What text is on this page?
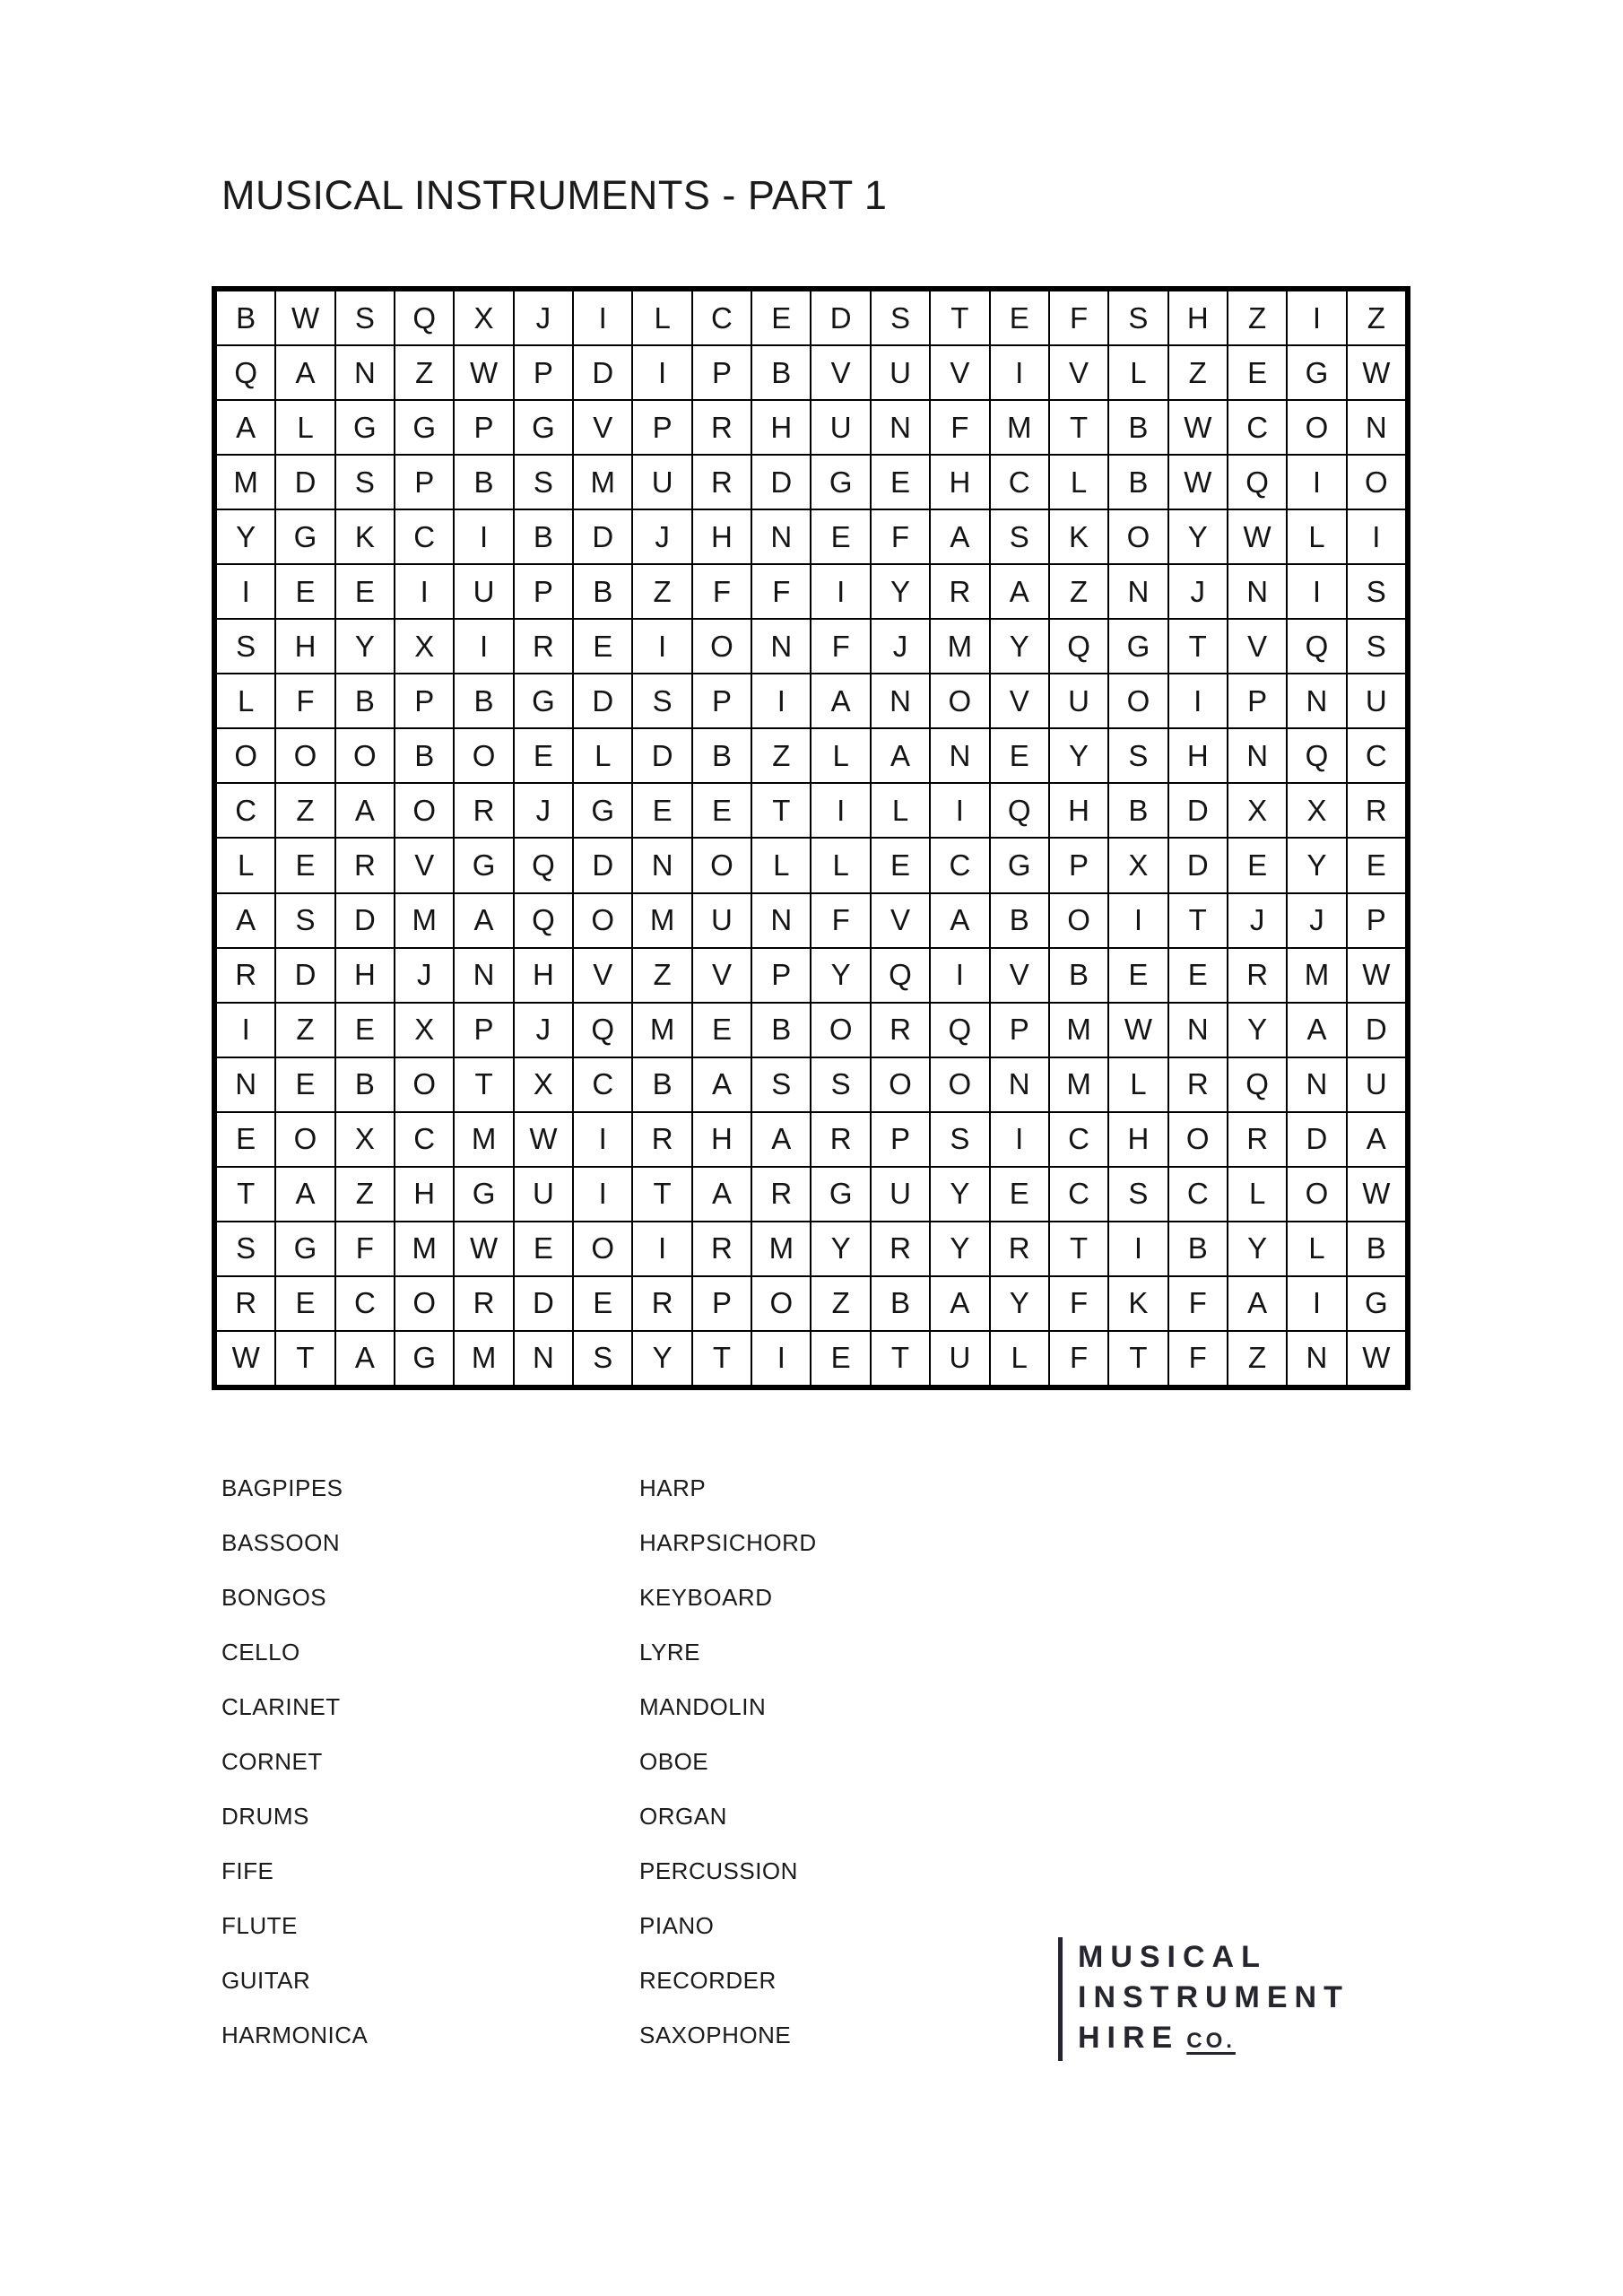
MUSICAL INSTRUMENTS - PART 1
B	W	S	Q	X	J	I	L	C	E	D	S	T	E	F	S	H	Z	I	Z
Q	A	N	Z	W	P	D	I	P	B	V	U	V	I	V	L	Z	E	G	W
A	L	G	G	P	G	V	P	R	H	U	N	F	M	T	B	W	C	O	N
M	D	S	P	B	S	M	U	R	D	G	E	H	C	L	B	W	Q	I	O
Y	G	K	C	I	B	D	J	H	N	E	F	A	S	K	O	Y	W	L	I
I	E	E	I	U	P	B	Z	F	F	I	Y	R	A	Z	N	J	N	I	S
S	H	Y	X	I	R	E	I	O	N	F	J	M	Y	Q	G	T	V	Q	S
L	F	B	P	B	G	D	S	P	I	A	N	O	V	U	O	I	P	N	U
O	O	O	B	O	E	L	D	B	Z	L	A	N	E	Y	S	H	N	Q	C
C	Z	A	O	R	J	G	E	E	T	I	L	I	Q	H	B	D	X	X	R
L	E	R	V	G	Q	D	N	O	L	L	E	C	G	P	X	D	E	Y	E
A	S	D	M	A	Q	O	M	U	N	F	V	A	B	O	I	T	J	J	P
R	D	H	J	N	H	V	Z	V	P	Y	Q	I	V	B	E	E	R	M	W
I	Z	E	X	P	J	Q	M	E	B	O	R	Q	P	M	W	N	Y	A	D
N	E	B	O	T	X	C	B	A	S	S	O	O	N	M	L	R	Q	N	U
E	O	X	C	M	W	I	R	H	A	R	P	S	I	C	H	O	R	D	A
T	A	Z	H	G	U	I	T	A	R	G	U	Y	E	C	S	C	L	O	W
S	G	F	M	W	E	O	I	R	M	Y	R	Y	R	T	I	B	Y	L	B
R	E	C	O	R	D	E	R	P	O	Z	B	A	Y	F	K	F	A	I	G
W	T	A	G	M	N	S	Y	T	I	E	T	U	L	F	T	F	Z	N	W
BAGPIPES
BASSOON
BONGOS
CELLO
CLARINET
CORNET
DRUMS
FIFE
FLUTE
GUITAR
HARMONICA
HARP
HARPSICHORD
KEYBOARD
LYRE
MANDOLIN
OBOE
ORGAN
PERCUSSION
PIANO
RECORDER
SAXOPHONE
MUSICAL
INSTRUMENT
HIRE CO.
